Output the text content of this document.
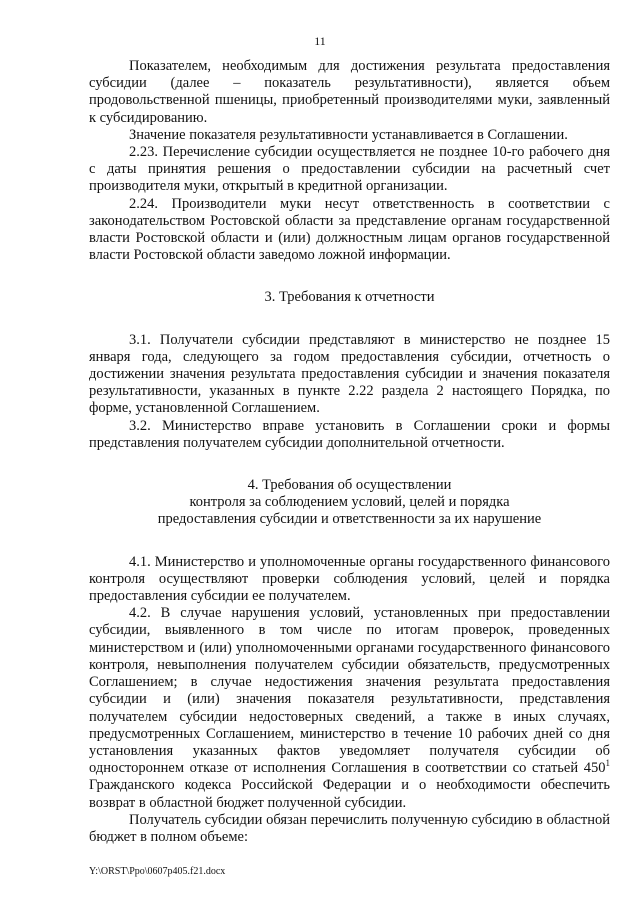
11

Показателем, необходимым для достижения результата предоставления субсидии (далее – показатель результативности), является объем продовольственной пшеницы, приобретенный производителями муки, заявленный к субсидированию.

Значение показателя результативности устанавливается в Соглашении.

2.23. Перечисление субсидии осуществляется не позднее 10-го рабочего дня с даты принятия решения о предоставлении субсидии на расчетный счет производителя муки, открытый в кредитной организации.

2.24. Производители муки несут ответственность в соответствии с законодательством Ростовской области за представление органам государственной власти Ростовской области и (или) должностным лицам органов государственной власти Ростовской области заведомо ложной информации.

3. Требования к отчетности

3.1. Получатели субсидии представляют в министерство не позднее 15 января года, следующего за годом предоставления субсидии, отчетность о достижении значения результата предоставления субсидии и значения показателя результативности, указанных в пункте 2.22 раздела 2 настоящего Порядка, по форме, установленной Соглашением.

3.2. Министерство вправе установить в Соглашении сроки и формы представления получателем субсидии дополнительной отчетности.

4. Требования об осуществлении

контроля за соблюдением условий, целей и порядка

предоставления субсидии и ответственности за их нарушение

4.1. Министерство и уполномоченные органы государственного финансового контроля осуществляют проверки соблюдения условий, целей и порядка предоставления субсидии ее получателем.

4.2. В случае нарушения условий, установленных при предоставлении субсидии, выявленного в том числе по итогам проверок, проведенных министерством и (или) уполномоченными органами государственного финансового контроля, невыполнения получателем субсидии обязательств, предусмотренных Соглашением; в случае недостижения значения результата предоставления субсидии и (или) значения показателя результативности, представления получателем субсидии недостоверных сведений, а также в иных случаях, предусмотренных Соглашением, министерство в течение 10 рабочих дней со дня установления указанных фактов уведомляет получателя субсидии об одностороннем отказе от исполнения Соглашения в соответствии со статьей $450^1$ Гражданского кодекса Российской Федерации и о необходимости обеспечить возврат в областной бюджет полученной субсидии.

Получатель субсидии обязан перечислить полученную субсидию в областной бюджет в полном объеме:

Y:\ORST\Ppo\0607p405.f21.docx
